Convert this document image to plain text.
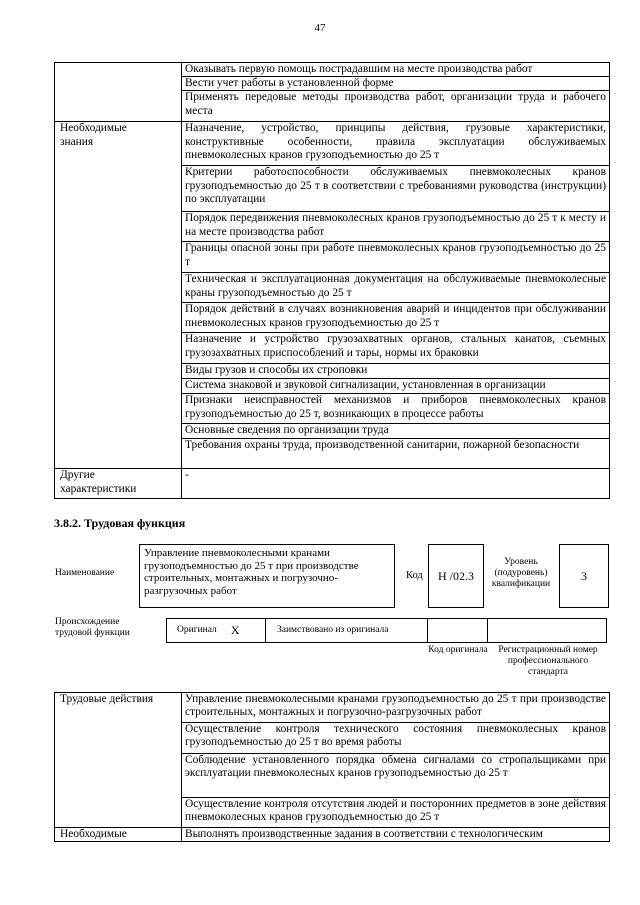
47
	Оказывать первую помощь пострадавшим на месте производства работ
	Вести учет работы в установленной форме
	Применять передовые методы производства работ, организации труда и рабочего места

Необходимые знания	Назначение, устройство, принципы действия, грузовые характеристики, конструктивные особенности, правила эксплуатации обслуживаемых пневмоколесных кранов грузоподъемностью до 25 т
	Критерии работоспособности обслуживаемых пневмоколесных кранов грузоподъемностью до 25 т в соответствии с требованиями руководства (инструкции) по эксплуатации
	Порядок передвижения пневмоколесных кранов грузоподъемностью до 25 т к месту и на месте производства работ
	Границы опасной зоны при работе пневмоколесных кранов грузоподъемностью до 25 т
	Техническая и эксплуатационная документация на обслуживаемые пневмоколесные краны грузоподъемностью до 25 т
	Порядок действий в случаях возникновения аварий и инцидентов при обслуживании пневмоколесных кранов грузоподъемностью до 25 т
	Назначение и устройство грузозахватных органов, стальных канатов, съемных грузозахватных приспособлений и тары, нормы их браковки
	Виды грузов и способы их строповки
	Система знаковой и звуковой сигнализации, установленная в организации
	Признаки неисправностей механизмов и приборов пневмоколесных кранов грузоподъемностью до 25 т, возникающих в процессе работы
	Основные сведения по организации труда
	Требования охраны труда, производственной санитарии, пожарной безопасности

Другие характеристики	-
3.8.2. Трудовая функция
Наименование
Управление пневмоколесными кранами грузоподъемностью до 25 т при производстве строительных, монтажных и погрузочно-разгрузочных работ
Код H /02.3
Уровень (подуровень) квалификации
3
Происхождение трудовой функции	Оригинал X	Заимствовано из оригинала
Код оригинала	Регистрационный номер профессионального стандарта
Трудовые действия	Управление пневмоколесными кранами грузоподъемностью до 25 т при производстве строительных, монтажных и погрузочно-разгрузочных работ
	Осуществление контроля технического состояния пневмоколесных кранов грузоподъемностью до 25 т во время работы
	Соблюдение установленного порядка обмена сигналами со стропальщиками при эксплуатации пневмоколесных кранов грузоподъемностью до 25 т
	Осуществление контроля отсутствия людей и посторонних предметов в зоне действия пневмоколесных кранов грузоподъемностью до 25 т

Необходимые	Выполнять производственные задания в соответствии с технологическим
